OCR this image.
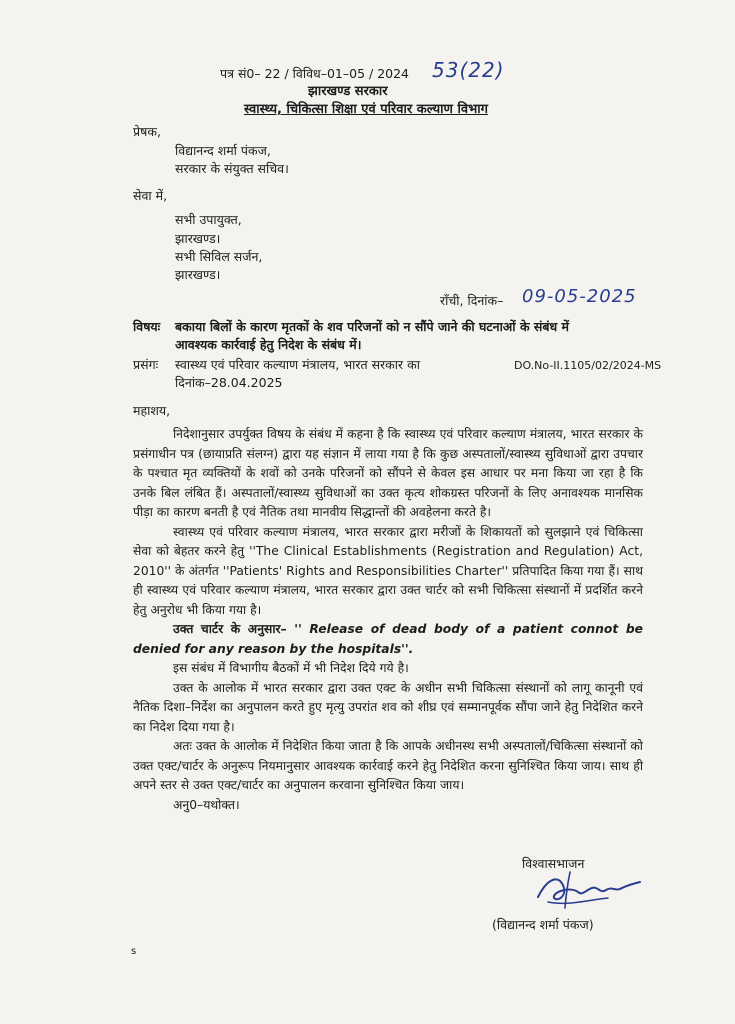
पत्र सं0– 22 / विविध–01–05 / 2024 53(22)
झारखण्ड सरकार
स्वास्थ्य, चिकित्सा शिक्षा एवं परिवार कल्याण विभाग
प्रेषक,
विद्यानन्द शर्मा पंकज,
सरकार के संयुक्त सचिव।
सेवा में,
सभी उपायुक्त,
झारखण्ड।
सभी सिविल सर्जन,
झारखण्ड।
राँची, दिनांक– 09-05-2025
विषयः बकाया बिलों के कारण मृतकों के शव परिजनों को न सौंपे जाने की घटनाओं के संबंध में
आवश्यक कार्रवाई हेतु निदेश के संबंध में।
प्रसंगः स्वास्थ्य एवं परिवार कल्याण मंत्रालय, भारत सरकार का	DO.No-II.1105/02/2024-MS
दिनांक–28.04.2025
महाशय,

निदेशानुसार उपर्युक्त विषय के संबंध में कहना है कि स्वास्थ्य एवं परिवार कल्याण मंत्रालय, भारत सरकार के प्रसंगाधीन पत्र (छायाप्रति संलग्न) द्वारा यह संज्ञान में लाया गया है कि कुछ अस्पतालों/स्वास्थ्य सुविधाओं द्वारा उपचार के पश्चात मृत व्यक्तियों के शवों को उनके परिजनों को सौंपने से केवल इस आधार पर मना किया जा रहा है कि उनके बिल लंबित हैं। अस्पतालों/स्वास्थ्य सुविधाओं का उक्त कृत्य शोकग्रस्त परिजनों के लिए अनावश्यक मानसिक पीड़ा का कारण बनती है एवं नैतिक तथा मानवीय सिद्धान्तों की अवहेलना करते है।

स्वास्थ्य एवं परिवार कल्याण मंत्रालय, भारत सरकार द्वारा मरीजों के शिकायतों को सुलझाने एवं चिकित्सा सेवा को बेहतर करने हेतु ''The Clinical Establishments (Registration and Regulation) Act, 2010'' के अंतर्गत ''Patients' Rights and Responsibilities Charter'' प्रतिपादित किया गया हैं। साथ ही स्वास्थ्य एवं परिवार कल्याण मंत्रालय, भारत सरकार द्वारा उक्त चार्टर को सभी चिकित्सा संस्थानों में प्रदर्शित करने हेतु अनुरोध भी किया गया है।

उक्त चार्टर के अनुसार– '' Release of dead body of a patient connot be denied for any reason by the hospitals''.

इस संबंध में विभागीय बैठकों में भी निदेश दिये गये है।

उक्त के आलोक में भारत सरकार द्वारा उक्त एक्ट के अधीन सभी चिकित्सा संस्थानों को लागू कानूनी एवं नैतिक दिशा–निर्देश का अनुपालन करते हुए मृत्यु उपरांत शव को शीघ्र एवं सम्मानपूर्वक सौंपा जाने हेतु निदेशित करने का निदेश दिया गया है।

अतः उक्त के आलोक में निदेशित किया जाता है कि आपके अधीनस्थ सभी अस्पतालों/चिकित्सा संस्थानों को उक्त एक्ट/चार्टर के अनुरूप नियमानुसार आवश्यक कार्रवाई करने हेतु निदेशित करना सुनिश्चित किया जाय। साथ ही अपने स्तर से उक्त एक्ट/चार्टर का अनुपालन करवाना सुनिश्चित किया जाय।

अनु0–यथोक्त।

विश्वासभाजन
(विद्यानन्द शर्मा पंकज)
s
